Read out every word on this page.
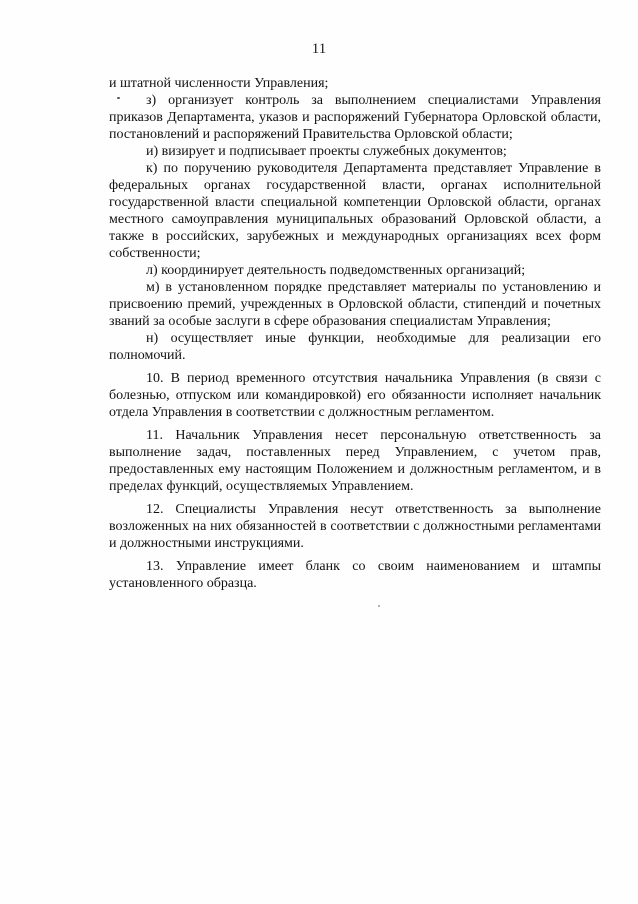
11

и штатной численности Управления;

з) организует контроль за выполнением специалистами Управления приказов Департамента, указов и распоряжений Губернатора Орловской области, постановлений и распоряжений Правительства Орловской области;

и) визирует и подписывает проекты служебных документов;

к) по поручению руководителя Департамента представляет Управление в федеральных органах государственной власти, органах исполнительной государственной власти специальной компетенции Орловской области, органах местного самоуправления муниципальных образований Орловской области, а также в российских, зарубежных и международных организациях всех форм собственности;

л) координирует деятельность подведомственных организаций;

м) в установленном порядке представляет материалы по установлению и присвоению премий, учрежденных в Орловской области, стипендий и почетных званий за особые заслуги в сфере образования специалистам Управления;

н) осуществляет иные функции, необходимые для реализации его полномочий.

10. В период временного отсутствия начальника Управления (в связи с болезнью, отпуском или командировкой) его обязанности исполняет начальник отдела Управления в соответствии с должностным регламентом.

11. Начальник Управления несет персональную ответственность за выполнение задач, поставленных перед Управлением, с учетом прав, предоставленных ему настоящим Положением и должностным регламентом, и в пределах функций, осуществляемых Управлением.

12. Специалисты Управления несут ответственность за выполнение возложенных на них обязанностей в соответствии с должностными регламентами и должностными инструкциями.

13. Управление имеет бланк со своим наименованием и штампы установленного образца.
